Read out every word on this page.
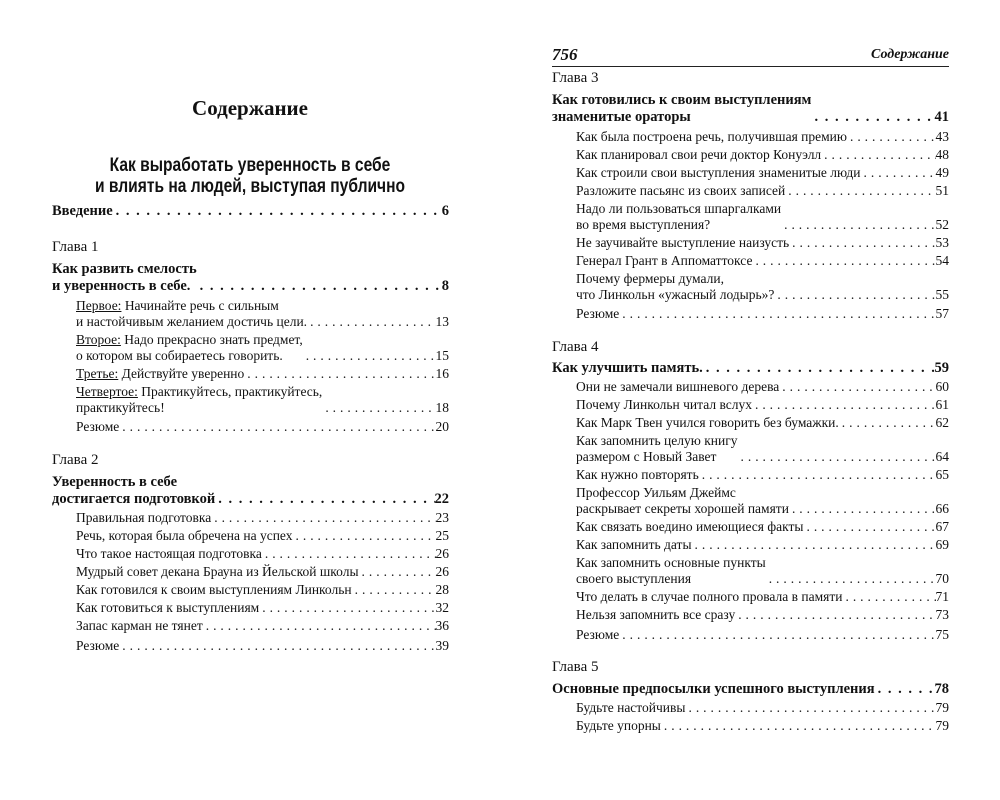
Содержание
Как выработать уверенность в себе
и влиять на людей, выступая публично
Введение . . .	6
Глава 1
Как развить смелость
и уверенность в себе. . . .	8
Первое: Начинайте речь с сильным
и настойчивым желанием достичь цели. . . .	13
Второе: Надо прекрасно знать предмет,
о котором вы собираетесь говорить. . . .	15
Третье: Действуйте уверенно . . .	16
Четвертое: Практикуйтесь, практикуйтесь,
практикуйтесь! . . .	18
Резюме . . .	20
Глава 2
Уверенность в себе
достигается подготовкой . . .	22
Правильная подготовка . . .	23
Речь, которая была обречена на успех . . .	25
Что такое настоящая подготовка . . .	26
Мудрый совет декана Брауна из Йельской школы . . .	26
Как готовился к своим выступлениям Линкольн . . .	28
Как готовиться к выступлениям . . .	32
Запас карман не тянет . . .	36
Резюме . . .	39
756	Содержание
Глава 3
Как готовились к своим выступлениям
знаменитые ораторы . . .	41
Как была построена речь, получившая премию . . .	43
Как планировал свои речи доктор Конуэлл . . .	48
Как строили свои выступления знаменитые люди . . .	49
Разложите пасьянс из своих записей . . .	51
Надо ли пользоваться шпаргалками
во время выступления? . . .	52
Не заучивайте выступление наизусть . . .	53
Генерал Грант в Аппоматтоксе . . .	54
Почему фермеры думали,
что Линкольн «ужасный лодырь»? . . .	55
Резюме . . .	57
Глава 4
Как улучшить память. . . .	59
Они не замечали вишневого дерева . . .	60
Почему Линкольн читал вслух . . .	61
Как Марк Твен учился говорить без бумажки. . . .	62
Как запомнить целую книгу
размером с Новый Завет . . .	64
Как нужно повторять . . .	65
Профессор Уильям Джеймс
раскрывает секреты хорошей памяти . . .	66
Как связать воедино имеющиеся факты . . .	67
Как запомнить даты . . .	69
Как запомнить основные пункты
своего выступления . . .	70
Что делать в случае полного провала в памяти . . .	71
Нельзя запомнить все сразу . . .	73
Резюме . . .	75
Глава 5
Основные предпосылки успешного выступления . . .	78
Будьте настойчивы . . .	79
Будьте упорны . . .	79
